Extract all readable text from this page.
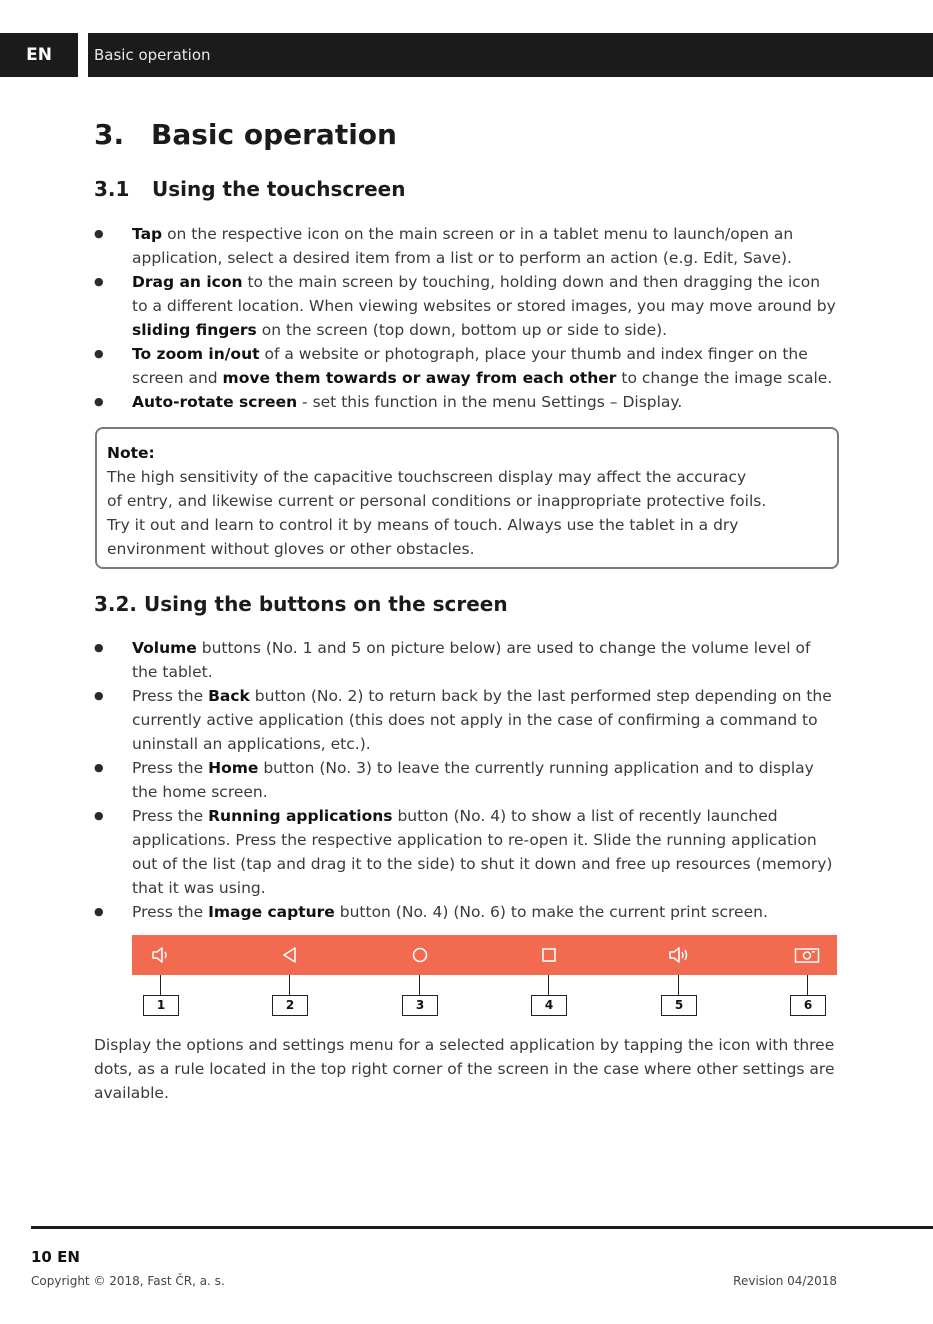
EN	Basic operation
3. Basic operation
3.1 Using the touchscreen
● Tap on the respective icon on the main screen or in a tablet menu to launch/open an application, select a desired item from a list or to perform an action (e.g. Edit, Save).
● Drag an icon to the main screen by touching, holding down and then dragging the icon to a different location. When viewing websites or stored images, you may move around by sliding fingers on the screen (top down, bottom up or side to side).
● To zoom in/out of a website or photograph, place your thumb and index finger on the screen and move them towards or away from each other to change the image scale.
● Auto-rotate screen - set this function in the menu Settings – Display.
Note:
The high sensitivity of the capacitive touchscreen display may affect the accuracy
of entry, and likewise current or personal conditions or inappropriate protective foils.
Try it out and learn to control it by means of touch. Always use the tablet in a dry
environment without gloves or other obstacles.
3.2. Using the buttons on the screen
● Volume buttons (No. 1 and 5 on picture below) are used to change the volume level of the tablet.
● Press the Back button (No. 2) to return back by the last performed step depending on the currently active application (this does not apply in the case of confirming a command to uninstall an applications, etc.).
● Press the Home button (No. 3) to leave the currently running application and to display the home screen.
● Press the Running applications button (No. 4) to show a list of recently launched applications. Press the respective application to re-open it. Slide the running application out of the list (tap and drag it to the side) to shut it down and free up resources (memory) that it was using.
● Press the Image capture button (No. 4) (No. 6) to make the current print screen.
1	2	3	4	5	6

Display the options and settings menu for a selected application by tapping the icon with three dots, as a rule located in the top right corner of the screen in the case where other settings are available.

10 EN
Copyright © 2018, Fast ČR, a. s.	Revision 04/2018
